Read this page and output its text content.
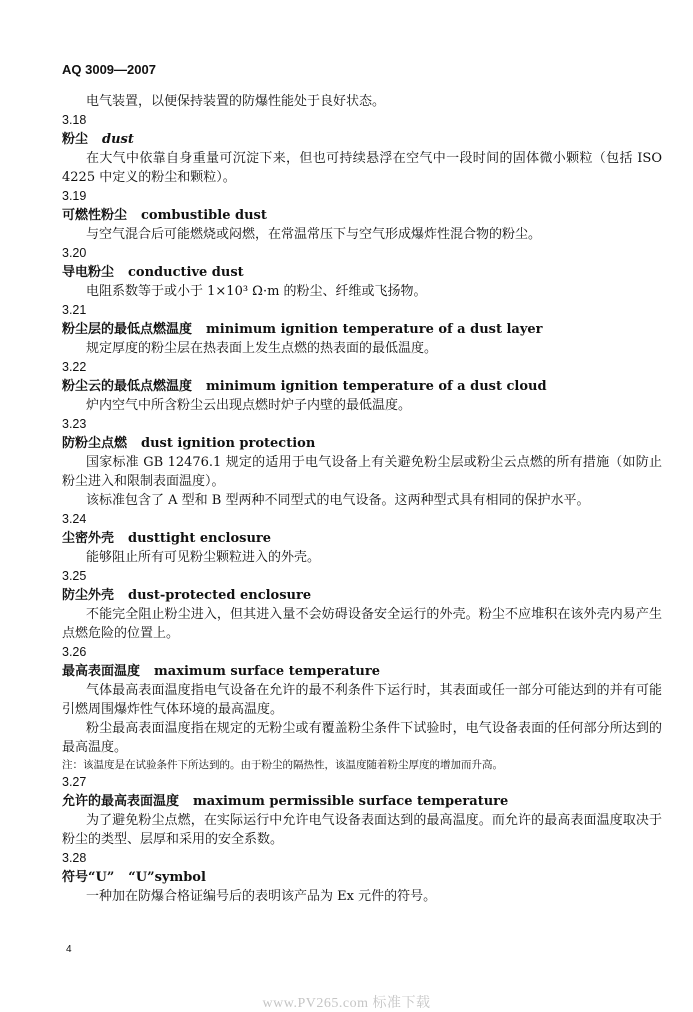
AQ 3009—2007

电气装置，以便保持装置的防爆性能处于良好状态。

3.18

粉尘 dust

在大气中依靠自身重量可沉淀下来，但也可持续悬浮在空气中一段时间的固体微小颗粒（包括 ISO 4225 中定义的粉尘和颗粒）。

3.19

可燃性粉尘 combustible dust

与空气混合后可能燃烧或闷燃，在常温常压下与空气形成爆炸性混合物的粉尘。

3.20

导电粉尘 conductive dust

电阻系数等于或小于 1×10³ Ω·m 的粉尘、纤维或飞扬物。

3.21

粉尘层的最低点燃温度 minimum ignition temperature of a dust layer

规定厚度的粉尘层在热表面上发生点燃的热表面的最低温度。

3.22

粉尘云的最低点燃温度 minimum ignition temperature of a dust cloud

炉内空气中所含粉尘云出现点燃时炉子内壁的最低温度。

3.23

防粉尘点燃 dust ignition protection

国家标准 GB 12476.1 规定的适用于电气设备上有关避免粉尘层或粉尘云点燃的所有措施（如防止粉尘进入和限制表面温度）。

该标准包含了 A 型和 B 型两种不同型式的电气设备。这两种型式具有相同的保护水平。

3.24

尘密外壳 dusttight enclosure

能够阻止所有可见粉尘颗粒进入的外壳。

3.25

防尘外壳 dust-protected enclosure

不能完全阻止粉尘进入，但其进入量不会妨碍设备安全运行的外壳。粉尘不应堆积在该外壳内易产生点燃危险的位置上。

3.26

最高表面温度 maximum surface temperature

气体最高表面温度指电气设备在允许的最不利条件下运行时，其表面或任一部分可能达到的并有可能引燃周围爆炸性气体环境的最高温度。

粉尘最高表面温度指在规定的无粉尘或有覆盖粉尘条件下试验时，电气设备表面的任何部分所达到的最高温度。

注：该温度是在试验条件下所达到的。由于粉尘的隔热性，该温度随着粉尘厚度的增加而升高。

3.27

允许的最高表面温度 maximum permissible surface temperature

为了避免粉尘点燃，在实际运行中允许电气设备表面达到的最高温度。而允许的最高表面温度取决于粉尘的类型、层厚和采用的安全系数。

3.28

符号“U” “U”symbol

一种加在防爆合格证编号后的表明该产品为 Ex 元件的符号。

4
www.PV265.com 标准下载
